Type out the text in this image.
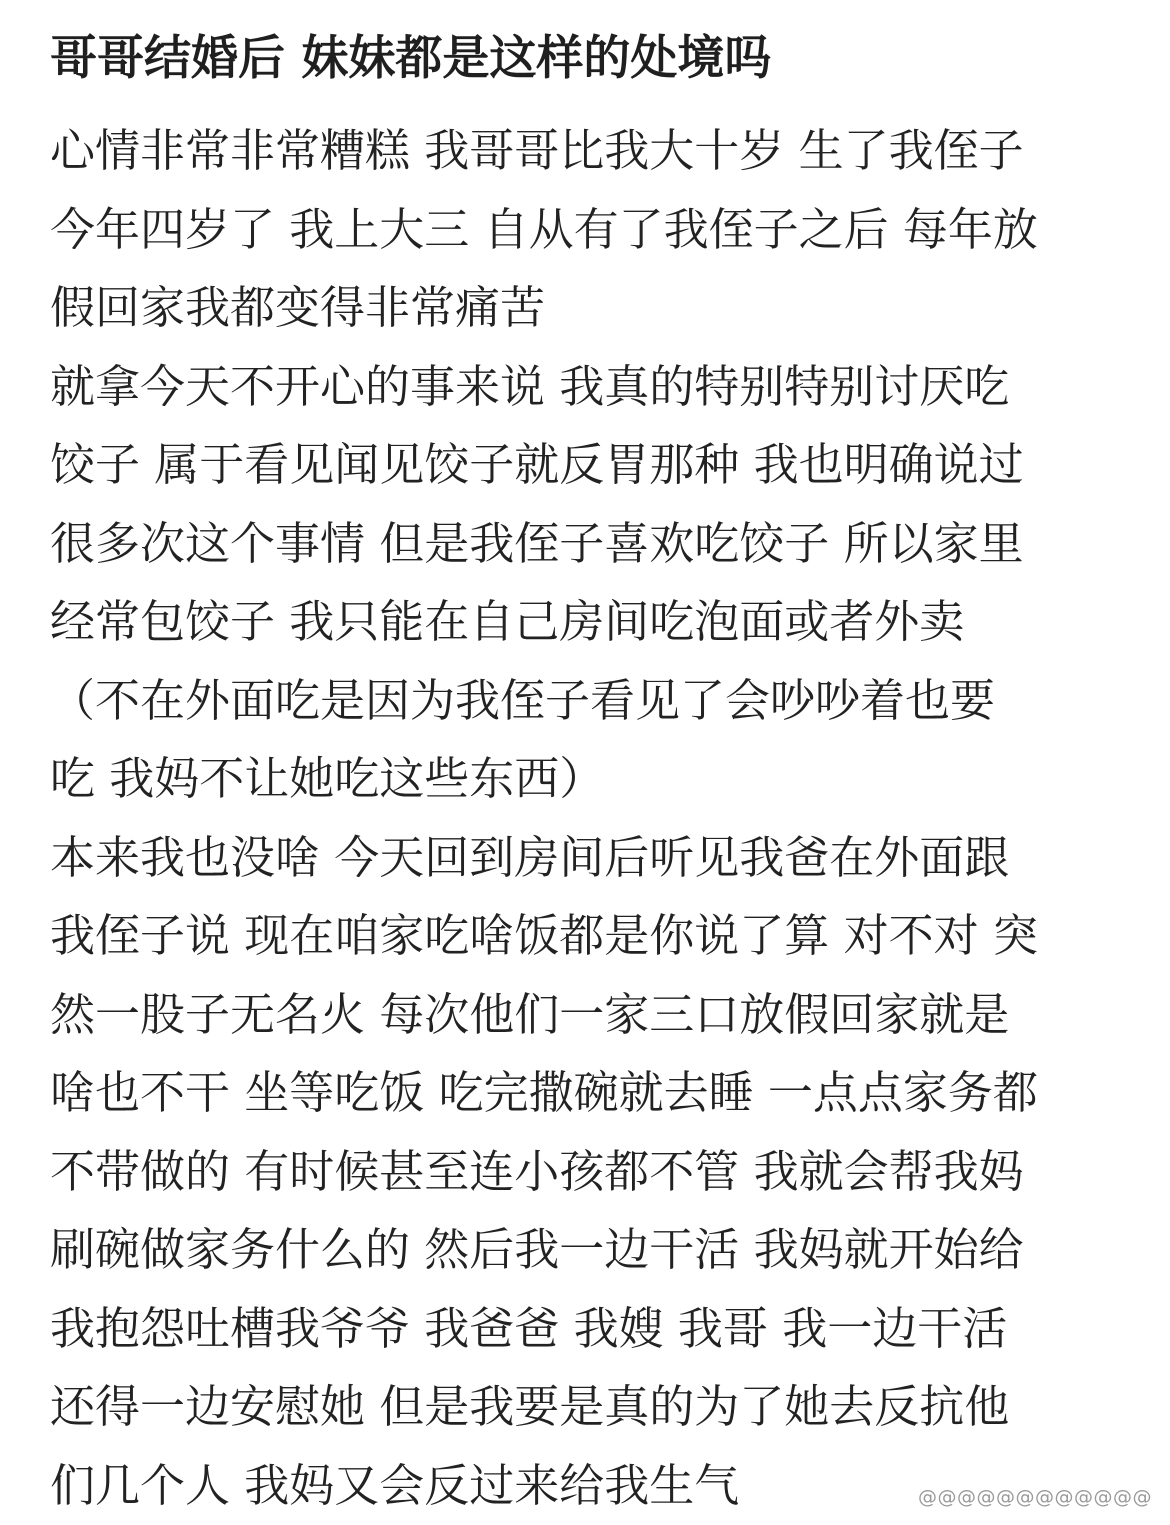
哥哥结婚后 妹妹都是这样的处境吗
心情非常非常糟糕 我哥哥比我大十岁 生了我侄子
今年四岁了 我上大三 自从有了我侄子之后 每年放
假回家我都变得非常痛苦
就拿今天不开心的事来说 我真的特别特别讨厌吃
饺子 属于看见闻见饺子就反胃那种 我也明确说过
很多次这个事情 但是我侄子喜欢吃饺子 所以家里
经常包饺子 我只能在自己房间吃泡面或者外卖
（不在外面吃是因为我侄子看见了会吵吵着也要
吃 我妈不让她吃这些东西）
本来我也没啥 今天回到房间后听见我爸在外面跟
我侄子说 现在咱家吃啥饭都是你说了算 对不对 突
然一股子无名火 每次他们一家三口放假回家就是
啥也不干 坐等吃饭 吃完撒碗就去睡 一点点家务都
不带做的 有时候甚至连小孩都不管 我就会帮我妈
刷碗做家务什么的 然后我一边干活 我妈就开始给
我抱怨吐槽我爷爷 我爸爸 我嫂 我哥 我一边干活
还得一边安慰她 但是我要是真的为了她去反抗他
们几个人 我妈又会反过来给我生气	@@@@@@@@@@@@
